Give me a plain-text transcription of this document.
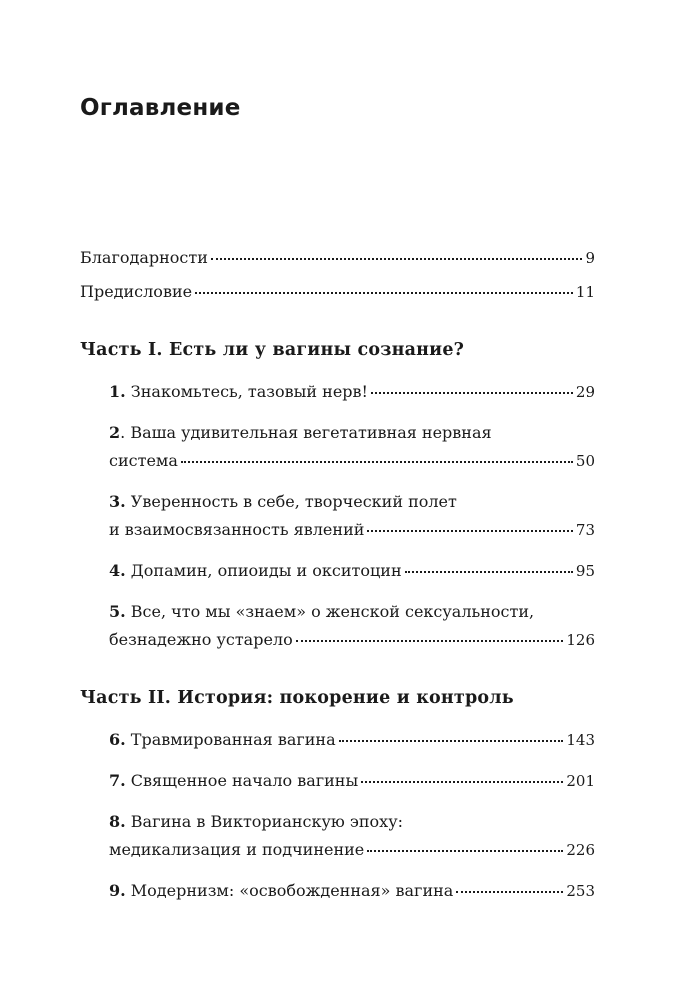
Оглавление
Благодарности	9
Предисловие	11
Часть I. Есть ли у вагины сознание?
1. Знакомьтесь, тазовый нерв!	29
2. Ваша удивительная вегетативная нервная
система	50
3. Уверенность в себе, творческий полет
и взаимосвязанность явлений	73
4. Допамин, опиоиды и окситоцин	95
5. Все, что мы «знаем» о женской сексуальности,
безнадежно устарело	126
Часть II. История: покорение и контроль
6. Травмированная вагина	143
7. Священное начало вагины	201
8. Вагина в Викторианскую эпоху:
медикализация и подчинение	226
9. Модернизм: «освобожденная» вагина	253
